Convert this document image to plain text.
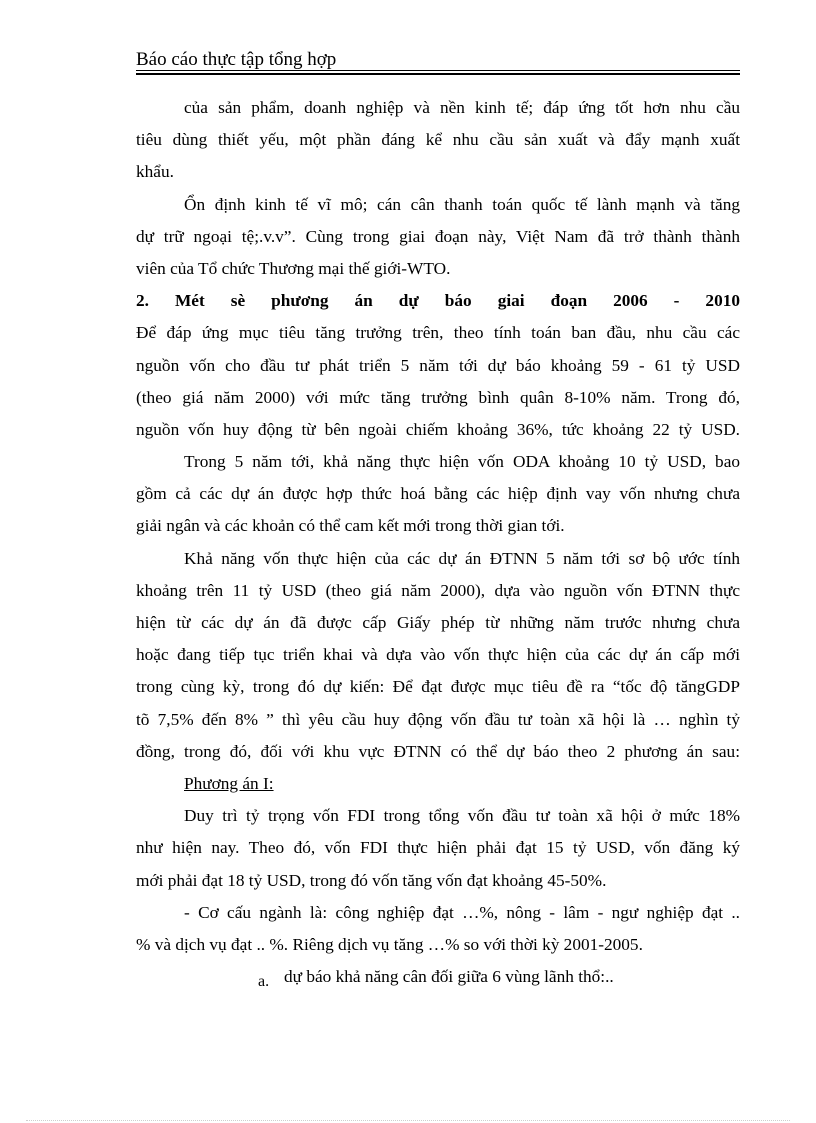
Báo cáo thực tập tổng hợp
của sản phẩm, doanh nghiệp và nền kinh tế; đáp ứng tốt hơn nhu cầu
tiêu dùng thiết yếu, một phần đáng kể nhu cầu sản xuất và đẩy mạnh xuất
khẩu.
Ổn định kinh tế vĩ mô; cán cân thanh toán quốc tế lành mạnh và tăng
dự trữ ngoại tệ;.v.v”. Cùng trong giai đoạn này, Việt Nam đã trở thành thành
viên của Tổ chức Thương mại thế giới-WTO.
2. Mét sè phương án dự báo giai đoạn 2006 - 2010
Để đáp ứng mục tiêu tăng trưởng trên, theo tính toán ban đầu, nhu cầu các
nguồn vốn cho đầu tư phát triển 5 năm tới dự báo khoảng 59 - 61 tỷ USD
(theo giá năm 2000) với mức tăng trưởng bình quân 8-10% năm. Trong đó,
nguồn vốn huy động từ bên ngoài chiếm khoảng 36%, tức khoảng 22 tỷ USD.
Trong 5 năm tới, khả năng thực hiện vốn ODA khoảng 10 tỷ USD, bao
gồm cả các dự án được hợp thức hoá bằng các hiệp định vay vốn nhưng chưa
giải ngân và các khoản có thể cam kết mới trong thời gian tới.
Khả năng vốn thực hiện của các dự án ĐTNN 5 năm tới sơ bộ ước tính
khoảng trên 11 tỷ USD (theo giá năm 2000), dựa vào nguồn vốn ĐTNN thực
hiện từ các dự án đã được cấp Giấy phép từ những năm trước nhưng chưa
hoặc đang tiếp tục triển khai và dựa vào vốn thực hiện của các dự án cấp mới
trong cùng kỳ, trong đó dự kiến: Để đạt được mục tiêu đề ra “tốc độ tăngGDP
tõ 7,5% đến 8% ” thì yêu cầu huy động vốn đầu tư toàn xã hội là … nghìn tỷ
đồng, trong đó, đối với khu vực ĐTNN có thể dự báo theo 2 phương án sau:
Phương án I:
Duy trì tỷ trọng vốn FDI trong tổng vốn đầu tư toàn xã hội ở mức 18%
như hiện nay. Theo đó, vốn FDI thực hiện phải đạt 15 tỷ USD, vốn đăng ký
mới phải đạt 18 tỷ USD, trong đó vốn tăng vốn đạt khoảng 45-50%.
- Cơ cấu ngành là: công nghiệp đạt …%, nông - lâm - ngư nghiệp đạt ..
% và dịch vụ đạt .. %. Riêng dịch vụ tăng …% so với thời kỳ 2001-2005.
a. dự báo khả năng cân đối giữa 6 vùng lãnh thổ:..
